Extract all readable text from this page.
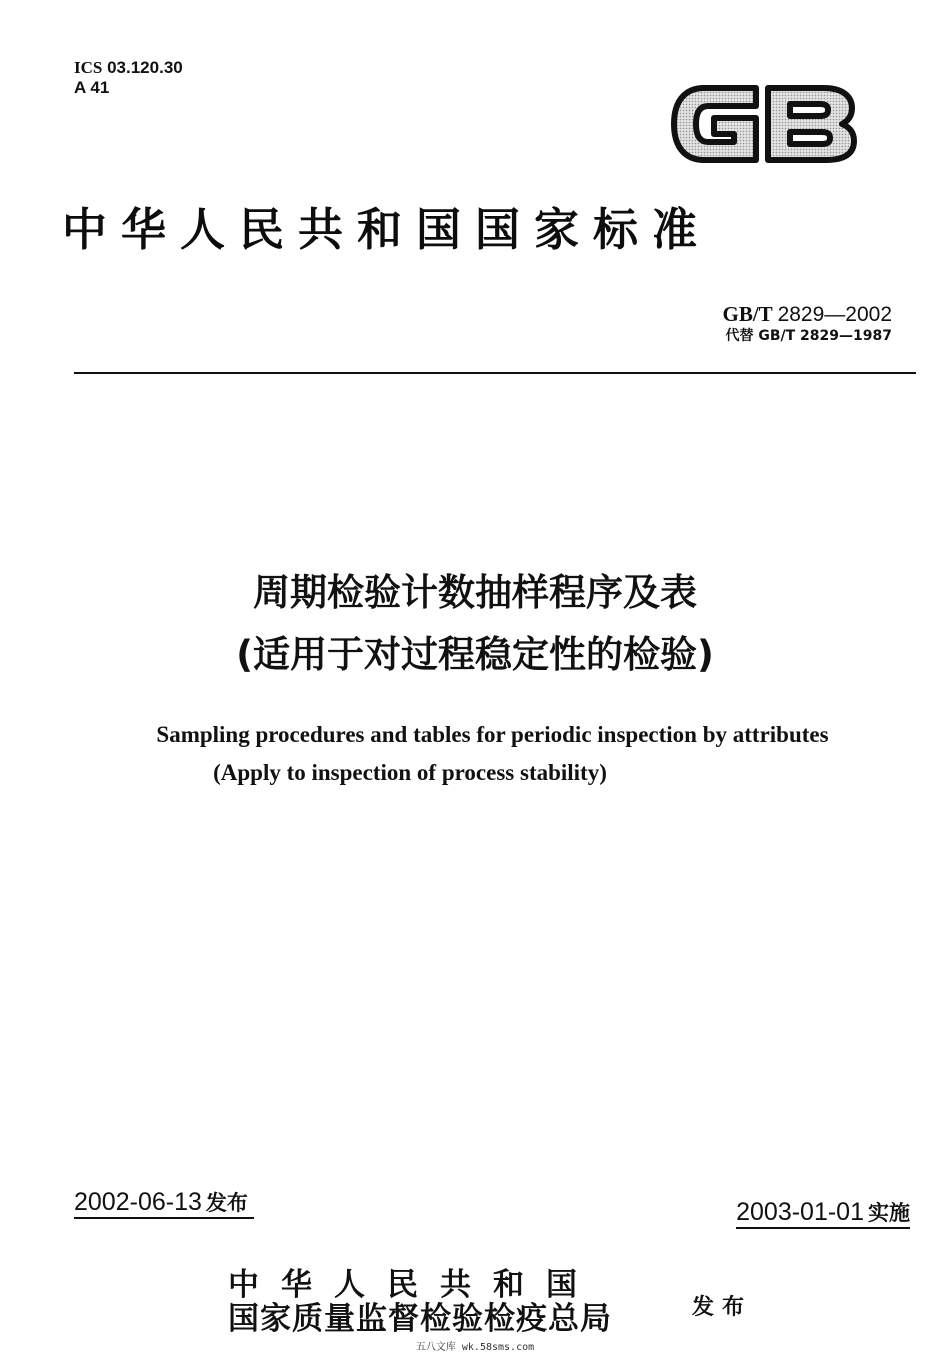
ICS 03.120.30
A 41
中华人民共和国国家标准
GB/T 2829—2002
代替 GB/T 2829—1987
周期检验计数抽样程序及表
(适用于对过程稳定性的检验)
Sampling procedures and tables for periodic inspection by attributes
(Apply to inspection of process stability)
2002-06-13 发布	2003-01-01 实施
中华人民共和国
国家质量监督检验检疫总局	发布
五八文库 wk.58sms.com
